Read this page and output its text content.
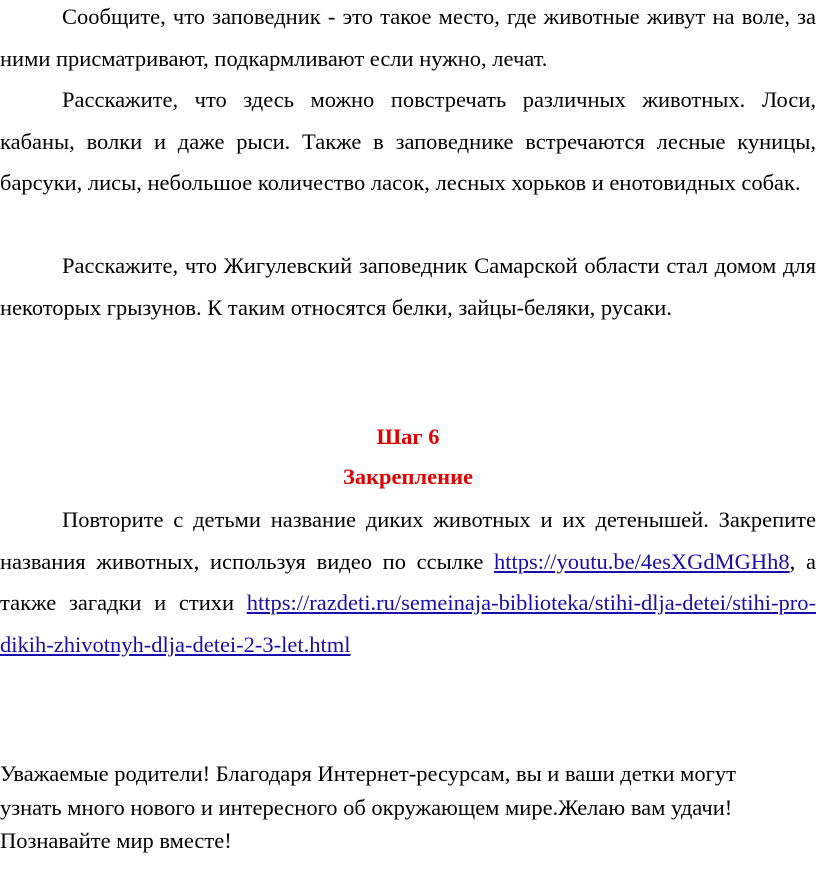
Сообщите, что заповедник - это такое место, где животные живут на воле, за ними присматривают, подкармливают если нужно, лечат.

Расскажите, что здесь можно повстречать различных животных. Лоси, кабаны, волки и даже рыси. Также в заповеднике встречаются лесные куницы, барсуки, лисы, небольшое количество ласок, лесных хорьков и енотовидных собак.

Расскажите, что Жигулевский заповедник Самарской области стал домом для некоторых грызунов. К таким относятся белки, зайцы-беляки, русаки.

Шаг 6
Закрепление

Повторите с детьми название диких животных и их детенышей. Закрепите названия животных, используя видео по ссылке https://youtu.be/4esXGdMGHh8, а также загадки и стихи https://razdeti.ru/semeinaja-biblioteka/stihi-dlja-detei/stihi-pro-dikih-zhivotnyh-dlja-detei-2-3-let.html

Уважаемые родители! Благодаря Интернет-ресурсам, вы и ваши детки могут
узнать много нового и интересного об окружающем мире.Желаю вам удачи!
Познавайте мир вместе!
